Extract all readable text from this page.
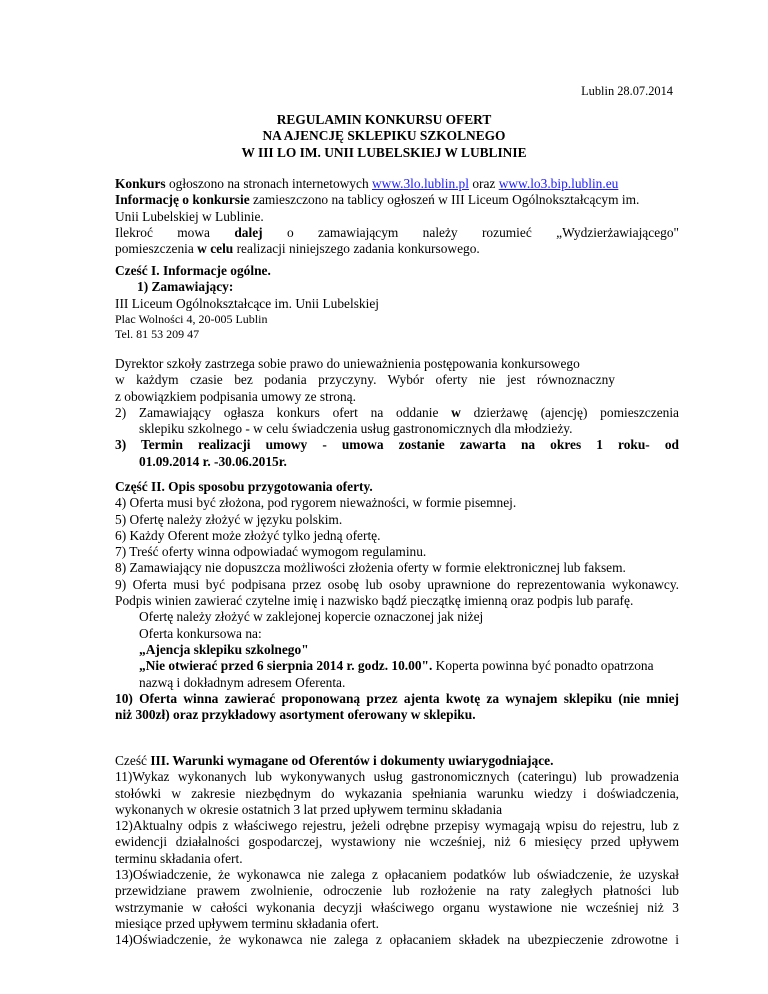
Lublin 28.07.2014
REGULAMIN KONKURSU OFERT
NA AJENCJĘ SKLEPIKU SZKOLNEGO
W III LO IM. UNII LUBELSKIEJ W LUBLINIE
Konkurs ogłoszono na stronach internetowych www.3lo.lublin.pl oraz www.lo3.bip.lublin.eu
Informację o konkursie zamieszczono na tablicy ogłoszeń w III Liceum Ogólnokształcącym im.
Unii Lubelskiej w Lublinie.
Ilekroć mowa dalej o zamawiającym należy rozumieć „Wydzierżawiającego"
pomieszczenia w celu realizacji niniejszego zadania konkursowego.
Cześć I. Informacje ogólne.
1) Zamawiający:
III Liceum Ogólnokształcące im. Unii Lubelskiej
Plac Wolności 4, 20-005 Lublin
Tel. 81 53 209 47
Dyrektor szkoły zastrzega sobie prawo do unieważnienia postępowania konkursowego
w każdym czasie bez podania przyczyny. Wybór oferty nie jest równoznaczny
z obowiązkiem podpisania umowy ze stroną.
2) Zamawiający ogłasza konkurs ofert na oddanie w dzierżawę (ajencję) pomieszczenia
sklepiku szkolnego - w celu świadczenia usług gastronomicznych dla młodzieży.
3) Termin realizacji umowy - umowa zostanie zawarta na okres 1 roku- od
01.09.2014 r. -30.06.2015r.
Część II. Opis sposobu przygotowania oferty.
4) Oferta musi być złożona, pod rygorem nieważności, w formie pisemnej.
5) Ofertę należy złożyć w języku polskim.
6) Każdy Oferent może złożyć tylko jedną ofertę.
7) Treść oferty winna odpowiadać wymogom regulaminu.
8) Zamawiający nie dopuszcza możliwości złożenia oferty w formie elektronicznej lub faksem.
9) Oferta musi być podpisana przez osobę lub osoby uprawnione do reprezentowania wykonawcy.
Podpis winien zawierać czytelne imię i nazwisko bądź pieczątkę imienną oraz podpis lub parafę.
Ofertę należy złożyć w zaklejonej kopercie oznaczonej jak niżej
Oferta konkursowa na:
„Ajencja sklepiku szkolnego"
„Nie otwierać przed 6 sierpnia 2014 r. godz. 10.00". Koperta powinna być ponadto opatrzona
nazwą i dokładnym adresem Oferenta.
10) Oferta winna zawierać proponowaną przez ajenta kwotę za wynajem sklepiku (nie mniej
niż 300zł) oraz przykładowy asortyment oferowany w sklepiku.
Cześć III. Warunki wymagane od Oferentów i dokumenty uwiarygodniające.
11)Wykaz wykonanych lub wykonywanych usług gastronomicznych (cateringu) lub prowadzenia
stołówki w zakresie niezbędnym do wykazania spełniania warunku wiedzy i doświadczenia,
wykonanych w okresie ostatnich 3 lat przed upływem terminu składania
12)Aktualny odpis z właściwego rejestru, jeżeli odrębne przepisy wymagają wpisu do rejestru, lub z
ewidencji działalności gospodarczej, wystawiony nie wcześniej, niż 6 miesięcy przed upływem
terminu składania ofert.
13)Oświadczenie, że wykonawca nie zalega z opłacaniem podatków lub oświadczenie, że uzyskał
przewidziane prawem zwolnienie, odroczenie lub rozłożenie na raty zaległych płatności lub
wstrzymanie w całości wykonania decyzji właściwego organu wystawione nie wcześniej niż 3
miesiące przed upływem terminu składania ofert.
14)Oświadczenie, że wykonawca nie zalega z opłacaniem składek na ubezpieczenie zdrowotne i
